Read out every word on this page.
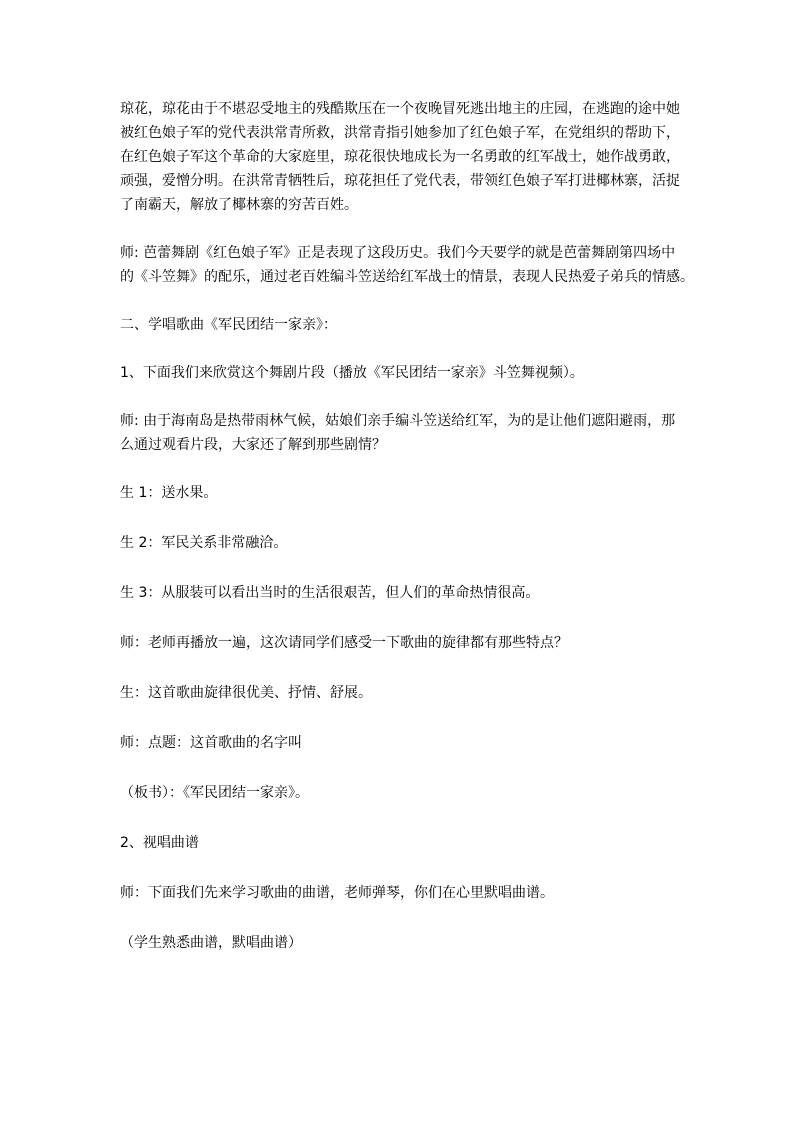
琼花，琼花由于不堪忍受地主的残酷欺压在一个夜晚冒死逃出地主的庄园，在逃跑的途中她
被红色娘子军的党代表洪常青所救，洪常青指引她参加了红色娘子军，在党组织的帮助下，
在红色娘子军这个革命的大家庭里，琼花很快地成长为一名勇敢的红军战士，她作战勇敢，
顽强，爱憎分明。在洪常青牺牲后，琼花担任了党代表，带领红色娘子军打进椰林寨，活捉
了南霸天，解放了椰林寨的穷苦百姓。
师: 芭蕾舞剧《红色娘子军》正是表现了这段历史。我们今天要学的就是芭蕾舞剧第四场中
的《斗笠舞》的配乐，通过老百姓编斗笠送给红军战士的情景，表现人民热爱子弟兵的情感。
二、学唱歌曲《军民团结一家亲》：
1、下面我们来欣赏这个舞剧片段（播放《军民团结一家亲》斗笠舞视频）。
师: 由于海南岛是热带雨林气候，姑娘们亲手编斗笠送给红军，为的是让他们遮阳避雨，那
么通过观看片段，大家还了解到那些剧情？
生 1：送水果。
生 2：军民关系非常融洽。
生 3：从服装可以看出当时的生活很艰苦，但人们的革命热情很高。
师：老师再播放一遍，这次请同学们感受一下歌曲的旋律都有那些特点？
生：这首歌曲旋律很优美、抒情、舒展。
师：点题：这首歌曲的名字叫
（板书）：《军民团结一家亲》。
2、视唱曲谱
师：下面我们先来学习歌曲的曲谱，老师弹琴，你们在心里默唱曲谱。
（学生熟悉曲谱，默唱曲谱）
